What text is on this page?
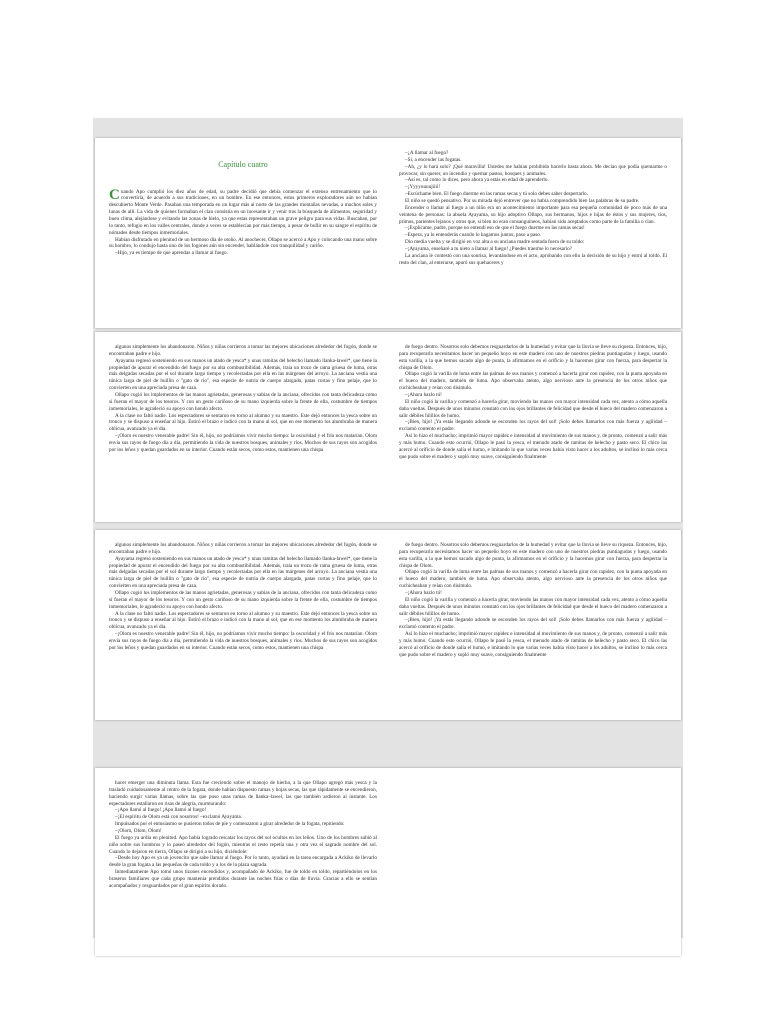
Capítulo cuatro

Cuando Apo cumplió los diez años de edad, su padre decidió que debía comenzar el extenso entrenamiento que lo convertiría, de acuerdo a sus tradiciones, en un hombre. En ese entonces, estos primeros exploradores aún no habían descubierto Monte Verde. Pasaban una temporada en un lugar más al norte de las grandes montañas nevadas, a muchos soles y lunas de allí. La vida de quienes formaban el clan consistía en un incesante ir y venir tras la búsqueda de alimentos, seguridad y buen clima, alejándose y evitando las zonas de hielo, ya que estas representaban un grave peligro para sus vidas. Buscaban, por lo tanto, refugio en los valles centrales, donde a veces se establecían por más tiempo, a pesar de bullir en su sangre el espíritu de nómades desde tiempos inmemoriales.

Habían disfrutado en plenitud de un hermoso día de otoño. Al anochecer, Ollapo se acercó a Apo y colocando una mano sobre su hombro, lo condujo hasta uno de los fogones aún sin encender, hablándole con tranquilidad y cariño.

–Hijo, ya es tiempo de que aprendas a llamar al fuego.

–¿A llamar al fuego?

–Sí, a encender las fogatas.

–Ah, ¿y lo hará solo? ¡Qué maravilla! Ustedes me habían prohibido hacerlo hasta ahora. Me decían que podía quemarme o provocar, sin querer, un incendio y quemar pastos, bosques y animales.

–Así es, tal como lo dices, pero ahora ya estás en edad de aprenderlo.

–¡Yyyyuuuujiiii!

–Escúchame bien. El fuego duerme en las ramas secas y tú solo debes saber despertarlo.

El niño se quedó pensativo. Por su mirada dejó entrever que no había comprendido bien las palabras de su padre.

Encender o llamar al fuego a un niño era un acontecimiento importante para esa pequeña comunidad de poco más de una veintena de personas: la abuela Ayayama, su hijo adoptivo Ollapo, sus hermanos, hijos e hijas de éstos y sus mujeres, tíos, primos, parientes lejanos y otros que, si bien no eran consanguíneos, habían sido aceptados como parte de la familia o clan.

–¡Explícame, padre, porque no entendí eso de que el fuego duerme en las ramas secas!

–Espera, ya lo entenderás cuando lo hagamos juntos, paso a paso.

Dio media vuelta y se dirigió en voz alta a su anciana madre sentada fuera de su toldo:

–¡Ayayama, enseñaré a tu nieto a llamar al fuego! ¿Puedes traerme lo necesario?

La anciana le contestó con una sonrisa, levantándose en el acto, aprobando con ello la decisión de su hijo y entró al toldo. El resto del clan, al enterarse, apuró sus quehaceres y

algunos simplemente los abandonaron. Niños y niñas corrieron a tomar las mejores ubicaciones alrededor del fogón, donde se encontraban padre e hijo.

Ayayama regresó sosteniendo en sus manos un atado de yesca* y unas ramitas del helecho llamado llanka-lawel*, que tiene la propiedad de apurar el encendido del fuego por su alta combustibilidad. Además, traía un trozo de rama gruesa de luma, otras más delgadas secadas por el sol durante largo tiempo y recolectadas por ella en las márgenes del arroyo. La anciana vestía una túnica larga de piel de huillín o "gato de río", esa especie de nutria de cuerpo alargado, patas cortas y fino pelaje, que lo convierten en una apreciada presa de caza.

Ollapo cogió los implementos de las manos agrietadas, generosas y sabias de la anciana, ofrecidos con tanta delicadeza como si fueran el mayor de los tesoros. Y con un gesto cariñoso de su mano izquierda sobre la frente de ella, costumbre de tiempos inmemoriales, le agradeció su apoyo con hondo afecto.

A la clase no faltó nadie. Los espectadores se sentaron en torno al alumno y su maestro. Este dejó entonces la yesca sobre un tronco y se dispuso a enseñar al hijo. Estiró el brazo e indicó con la mano al sol, que en ese momento los alumbraba de manera oblicua, avanzado ya el día.

–¡Olom es nuestro venerable padre! Sin él, hijo, no podríamos vivir mucho tiempo: la oscuridad y el frío nos matarían. Olom envía sus rayos de fuego día a día, permitiendo la vida de nuestros bosques, animales y ríos. Muchos de sus rayos son acogidos por los leños y quedan guardados en su interior. Cuando están secos, como estos, mantienen una chispa

de fuego dentro. Nosotros solo debemos resguardarlos de la humedad y evitar que la lluvia se lleve su riqueza. Entonces, hijo, para recuperarla necesitamos hacer un pequeño hoyo en este madero con uno de nuestros piedras puntiagudas y luego, usando esta varilla, a la que hemos sacado algo de punta, la afirmamos en el orificio y la hacemos girar con fuerza, para despertar la chispa de Olom.

Ollapo cogió la varilla de luma entre las palmas de sus manos y comenzó a hacerla girar con rapidez, con la punta apoyada en el hueco del madero, también de luma. Apo observaba atento, algo nervioso ante la presencia de los otros niños que cuchicheaban y reían con disimulo.

–¡Ahora hazlo tú!

El niño cogió la varilla y comenzó a hacerla girar, moviendo las manos con mayor intensidad cada vez, atento a cómo aquella daba vueltas. Después de unos minutos constató con los ojos brillantes de felicidad que desde el hueco del madero comenzaron a salir débiles hilillos de humo.

–¡Bien, hijo! ¡Ya estás llegando adonde se esconden los rayos del sol! ¡Solo debes llamarlos con más fuerza y agilidad –exclamó contento el padre.

Así lo hizo el muchacho; imprimió mayor rapidez e intensidad al movimiento de sus manos y, de pronto, comenzó a salir más y más humo. Cuando esto ocurrió, Ollapo le pasó la yesca, el menudo atado de ramitas de helecho y pasto seco. El chico las acercó al orificio de donde salía el humo, e imitando lo que varias veces había visto hacer a los adultos, se inclinó lo más cerca que pudo sobre el madero y sopló muy suave, consiguiendo finalmente

algunos simplemente los abandonaron. Niños y niñas corrieron a tomar las mejores ubicaciones alrededor del fogón, donde se encontraban padre e hijo.

Ayayama regresó sosteniendo en sus manos un atado de yesca* y unas ramitas del helecho llamado llanka-lawel*, que tiene la propiedad de apurar el encendido del fuego por su alta combustibilidad. Además, traía un trozo de rama gruesa de luma, otras más delgadas secadas por el sol durante largo tiempo y recolectadas por ella en las márgenes del arroyo. La anciana vestía una túnica larga de piel de huillín o "gato de río", esa especie de nutria de cuerpo alargado, patas cortas y fino pelaje, que lo convierten en una apreciada presa de caza.

Ollapo cogió los implementos de las manos agrietadas, generosas y sabias de la anciana, ofrecidos con tanta delicadeza como si fueran el mayor de los tesoros. Y con un gesto cariñoso de su mano izquierda sobre la frente de ella, costumbre de tiempos inmemoriales, le agradeció su apoyo con hondo afecto.

A la clase no faltó nadie. Los espectadores se sentaron en torno al alumno y su maestro. Este dejó entonces la yesca sobre un tronco y se dispuso a enseñar al hijo. Estiró el brazo e indicó con la mano al sol, que en ese momento los alumbraba de manera oblicua, avanzado ya el día.

–¡Olom es nuestro venerable padre! Sin él, hijo, no podríamos vivir mucho tiempo: la oscuridad y el frío nos matarían. Olom envía sus rayos de fuego día a día, permitiendo la vida de nuestros bosques, animales y ríos. Muchos de sus rayos son acogidos por los leños y quedan guardados en su interior. Cuando están secos, como estos, mantienen una chispa

de fuego dentro. Nosotros solo debemos resguardarlos de la humedad y evitar que la lluvia se lleve su riqueza. Entonces, hijo, para recuperarla necesitamos hacer un pequeño hoyo en este madero con uno de nuestros piedras puntiagudas y luego, usando esta varilla, a la que hemos sacado algo de punta, la afirmamos en el orificio y la hacemos girar con fuerza, para despertar la chispa de Olom.

Ollapo cogió la varilla de luma entre las palmas de sus manos y comenzó a hacerla girar con rapidez, con la punta apoyada en el hueco del madero, también de luma. Apo observaba atento, algo nervioso ante la presencia de los otros niños que cuchicheaban y reían con disimulo.

–¡Ahora hazlo tú!

El niño cogió la varilla y comenzó a hacerla girar, moviendo las manos con mayor intensidad cada vez, atento a cómo aquella daba vueltas. Después de unos minutos constató con los ojos brillantes de felicidad que desde el hueco del madero comenzaron a salir débiles hilillos de humo.

–¡Bien, hijo! ¡Ya estás llegando adonde se esconden los rayos del sol! ¡Solo debes llamarlos con más fuerza y agilidad –exclamó contento el padre.

Así lo hizo el muchacho; imprimió mayor rapidez e intensidad al movimiento de sus manos y, de pronto, comenzó a salir más y más humo. Cuando esto ocurrió, Ollapo le pasó la yesca, el menudo atado de ramitas de helecho y pasto seco. El chico las acercó al orificio de donde salía el humo, e imitando lo que varias veces había visto hacer a los adultos, se inclinó lo más cerca que pudo sobre el madero y sopló muy suave, consiguiendo finalmente

hacer emerger una diminuta llama. Esta fue creciendo sobre el manojo de hierba, a la que Ollapo agregó más yesca y la trasladó cuidadosamente al centro de la fogata, donde habían dispuesto ramas y hojas secas, las que rápidamente se encendieron, haciendo surgir varias llamas, sobre las que puso unas ramas de llanka–lawel, las que también ardieron al instante. Los espectadores estallaron en risas de alegría, murmurando:

–¡Apo llamó al fuego! ¡Apo llamó al fuego!

–¡El espíritu de Olom está con nosotros! –exclamó Ayayama.

Impulsados por el entusiasmo se pusieron todos de pie y comenzaron a girar alrededor de la fogata, repitiendo:

–¡Olom, Olom, Olom!

El fuego ya ardía en plenitud. Apo había logrado rescatar los rayos del sol ocultos en los leños. Uno de los hombres subió al niño sobre sus hombros y lo paseó alrededor del fogón, mientras el resto repetía una y otra vez el sagrado nombre del sol. Cuando lo dejaron en tierra, Ollapo se dirigió a su hijo, diciéndole:

–Desde hoy Apo es ya un jovencito que sabe llamar al fuego. Por lo tanto, ayudará en la tarea encargada a Ackiko de llevarlo desde la gran fogata a las pequeñas de cada toldo y a los de la plaza sagrada.

Inmediatamente Apo tomó unos tizones encendidos y, acompañado de Ackiko, fue de toldo en toldo, repartiéndolos en los braseros familiares que cada grupo mantenía prendidos durante las noches frías o días de lluvia. Gracias a ello se sentían acompañados y resguardados por el gran espíritu dorado.
